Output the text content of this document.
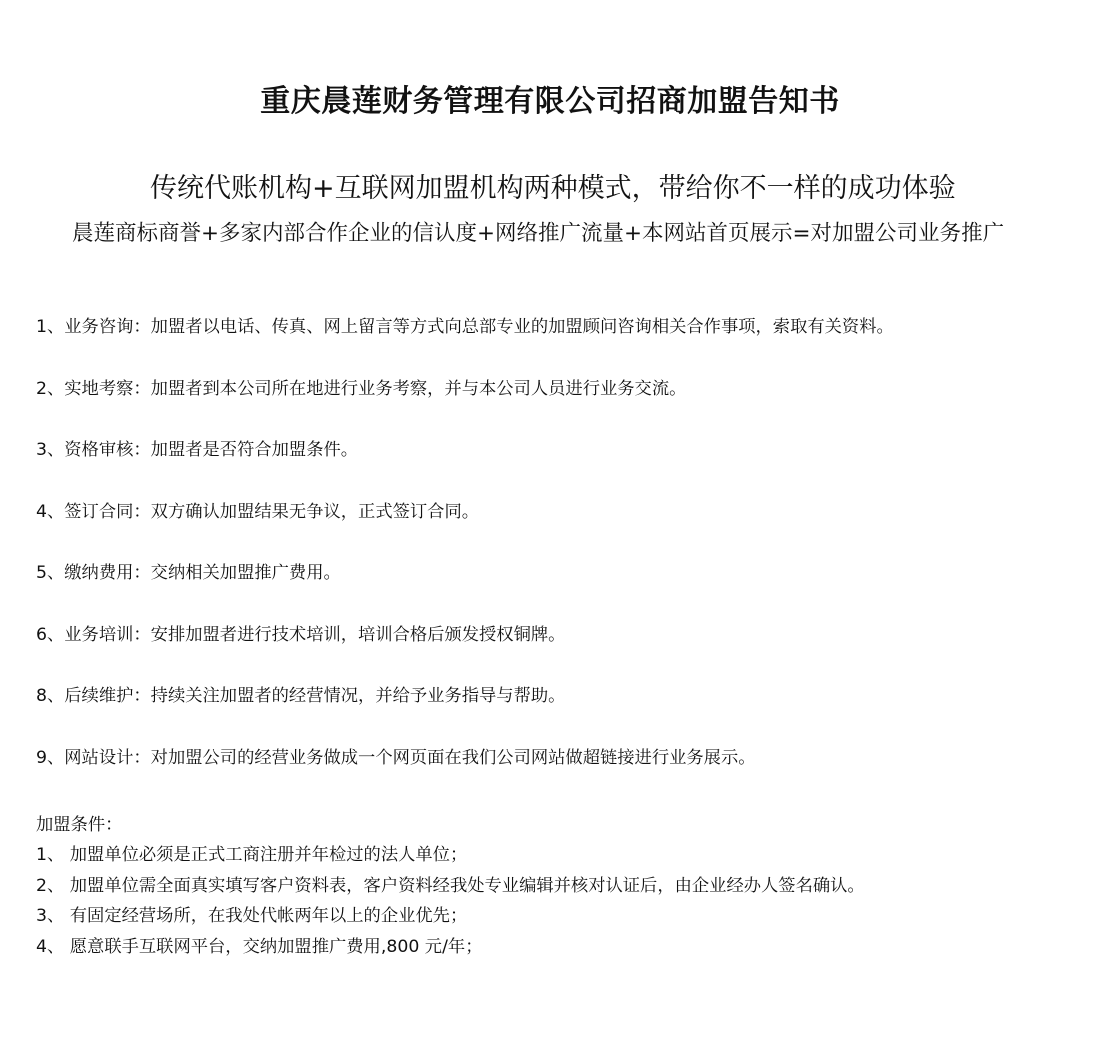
重庆晨莲财务管理有限公司招商加盟告知书
传统代账机构+互联网加盟机构两种模式，带给你不一样的成功体验
晨莲商标商誉+多家内部合作企业的信认度+网络推广流量+本网站首页展示=对加盟公司业务推广
1、业务咨询：加盟者以电话、传真、网上留言等方式向总部专业的加盟顾问咨询相关合作事项，索取有关资料。
2、实地考察：加盟者到本公司所在地进行业务考察，并与本公司人员进行业务交流。
3、资格审核：加盟者是否符合加盟条件。
4、签订合同：双方确认加盟结果无争议，正式签订合同。
5、缴纳费用：交纳相关加盟推广费用。
6、业务培训：安排加盟者进行技术培训，培训合格后颁发授权铜牌。
8、后续维护：持续关注加盟者的经营情况，并给予业务指导与帮助。
9、网站设计：对加盟公司的经营业务做成一个网页面在我们公司网站做超链接进行业务展示。
加盟条件：
1、 加盟单位必须是正式工商注册并年检过的法人单位；
2、 加盟单位需全面真实填写客户资料表，客户资料经我处专业编辑并核对认证后，由企业经办人签名确认。
3、 有固定经营场所，在我处代帐两年以上的企业优先；
4、 愿意联手互联网平台，交纳加盟推广费用,800 元/年；
